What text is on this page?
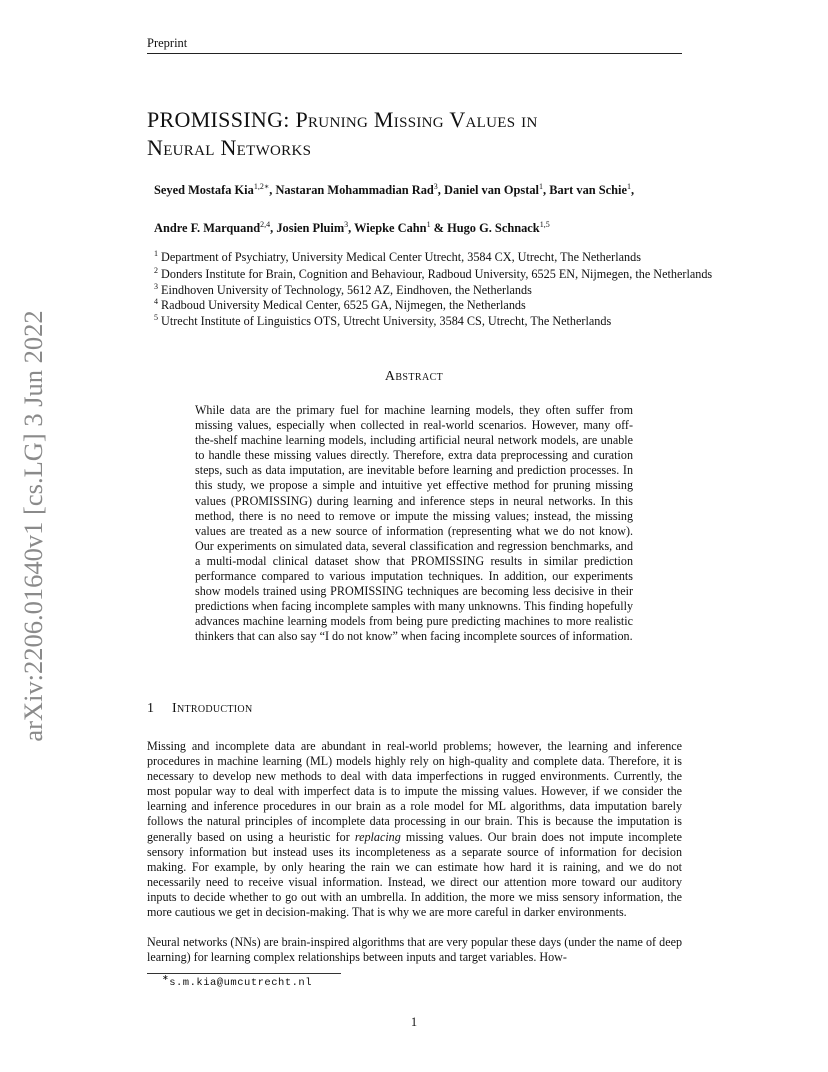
Preprint
PROMISSING: Pruning Missing Values in
Neural Networks
Seyed Mostafa Kia$^{1,2∗}$, Nastaran Mohammadian Rad$^3$, Daniel van Opstal$^1$, Bart van Schie$^1$,
Andre F. Marquand$^{2,4}$, Josien Pluim$^3$, Wiepke Cahn$^1$ & Hugo G. Schnack$^{1,5}$
$^1$ Department of Psychiatry, University Medical Center Utrecht, 3584 CX, Utrecht, The Netherlands
$^2$ Donders Institute for Brain, Cognition and Behaviour, Radboud University, 6525 EN, Nijmegen, the Netherlands
$^3$ Eindhoven University of Technology, 5612 AZ, Eindhoven, the Netherlands
$^4$ Radboud University Medical Center, 6525 GA, Nijmegen, the Netherlands
$^5$ Utrecht Institute of Linguistics OTS, Utrecht University, 3584 CS, Utrecht, The Netherlands
Abstract
While data are the primary fuel for machine learning models, they often suffer from missing values, especially when collected in real-world scenarios. However, many off-the-shelf machine learning models, including artificial neural network models, are unable to handle these missing values directly. Therefore, extra data preprocessing and curation steps, such as data imputation, are inevitable before learning and prediction processes. In this study, we propose a simple and intuitive yet effective method for pruning missing values (PROMISSING) during learning and inference steps in neural networks. In this method, there is no need to remove or impute the missing values; instead, the missing values are treated as a new source of information (representing what we do not know). Our experiments on simulated data, several classification and regression benchmarks, and a multi-modal clinical dataset show that PROMISSING results in similar prediction performance compared to various imputation techniques. In addition, our experiments show models trained using PROMISSING techniques are becoming less decisive in their predictions when facing incomplete samples with many unknowns. This finding hopefully advances machine learning models from being pure predicting machines to more realistic thinkers that can also say “I do not know” when facing incomplete sources of information.
1 Introduction
Missing and incomplete data are abundant in real-world problems; however, the learning and inference procedures in machine learning (ML) models highly rely on high-quality and complete data. Therefore, it is necessary to develop new methods to deal with data imperfections in rugged environments. Currently, the most popular way to deal with imperfect data is to impute the missing values. However, if we consider the learning and inference procedures in our brain as a role model for ML algorithms, data imputation barely follows the natural principles of incomplete data processing in our brain. This is because the imputation is generally based on using a heuristic for replacing missing values. Our brain does not impute incomplete sensory information but instead uses its incompleteness as a separate source of information for decision making. For example, by only hearing the rain we can estimate how hard it is raining, and we do not necessarily need to receive visual information. Instead, we direct our attention more toward our auditory inputs to decide whether to go out with an umbrella. In addition, the more we miss sensory information, the more cautious we get in decision-making. That is why we are more careful in darker environments.
Neural networks (NNs) are brain-inspired algorithms that are very popular these days (under the name of deep learning) for learning complex relationships between inputs and target variables. How-
∗s.m.kia@umcutrecht.nl
1
arXiv:2206.01640v1 [cs.LG] 3 Jun 2022
